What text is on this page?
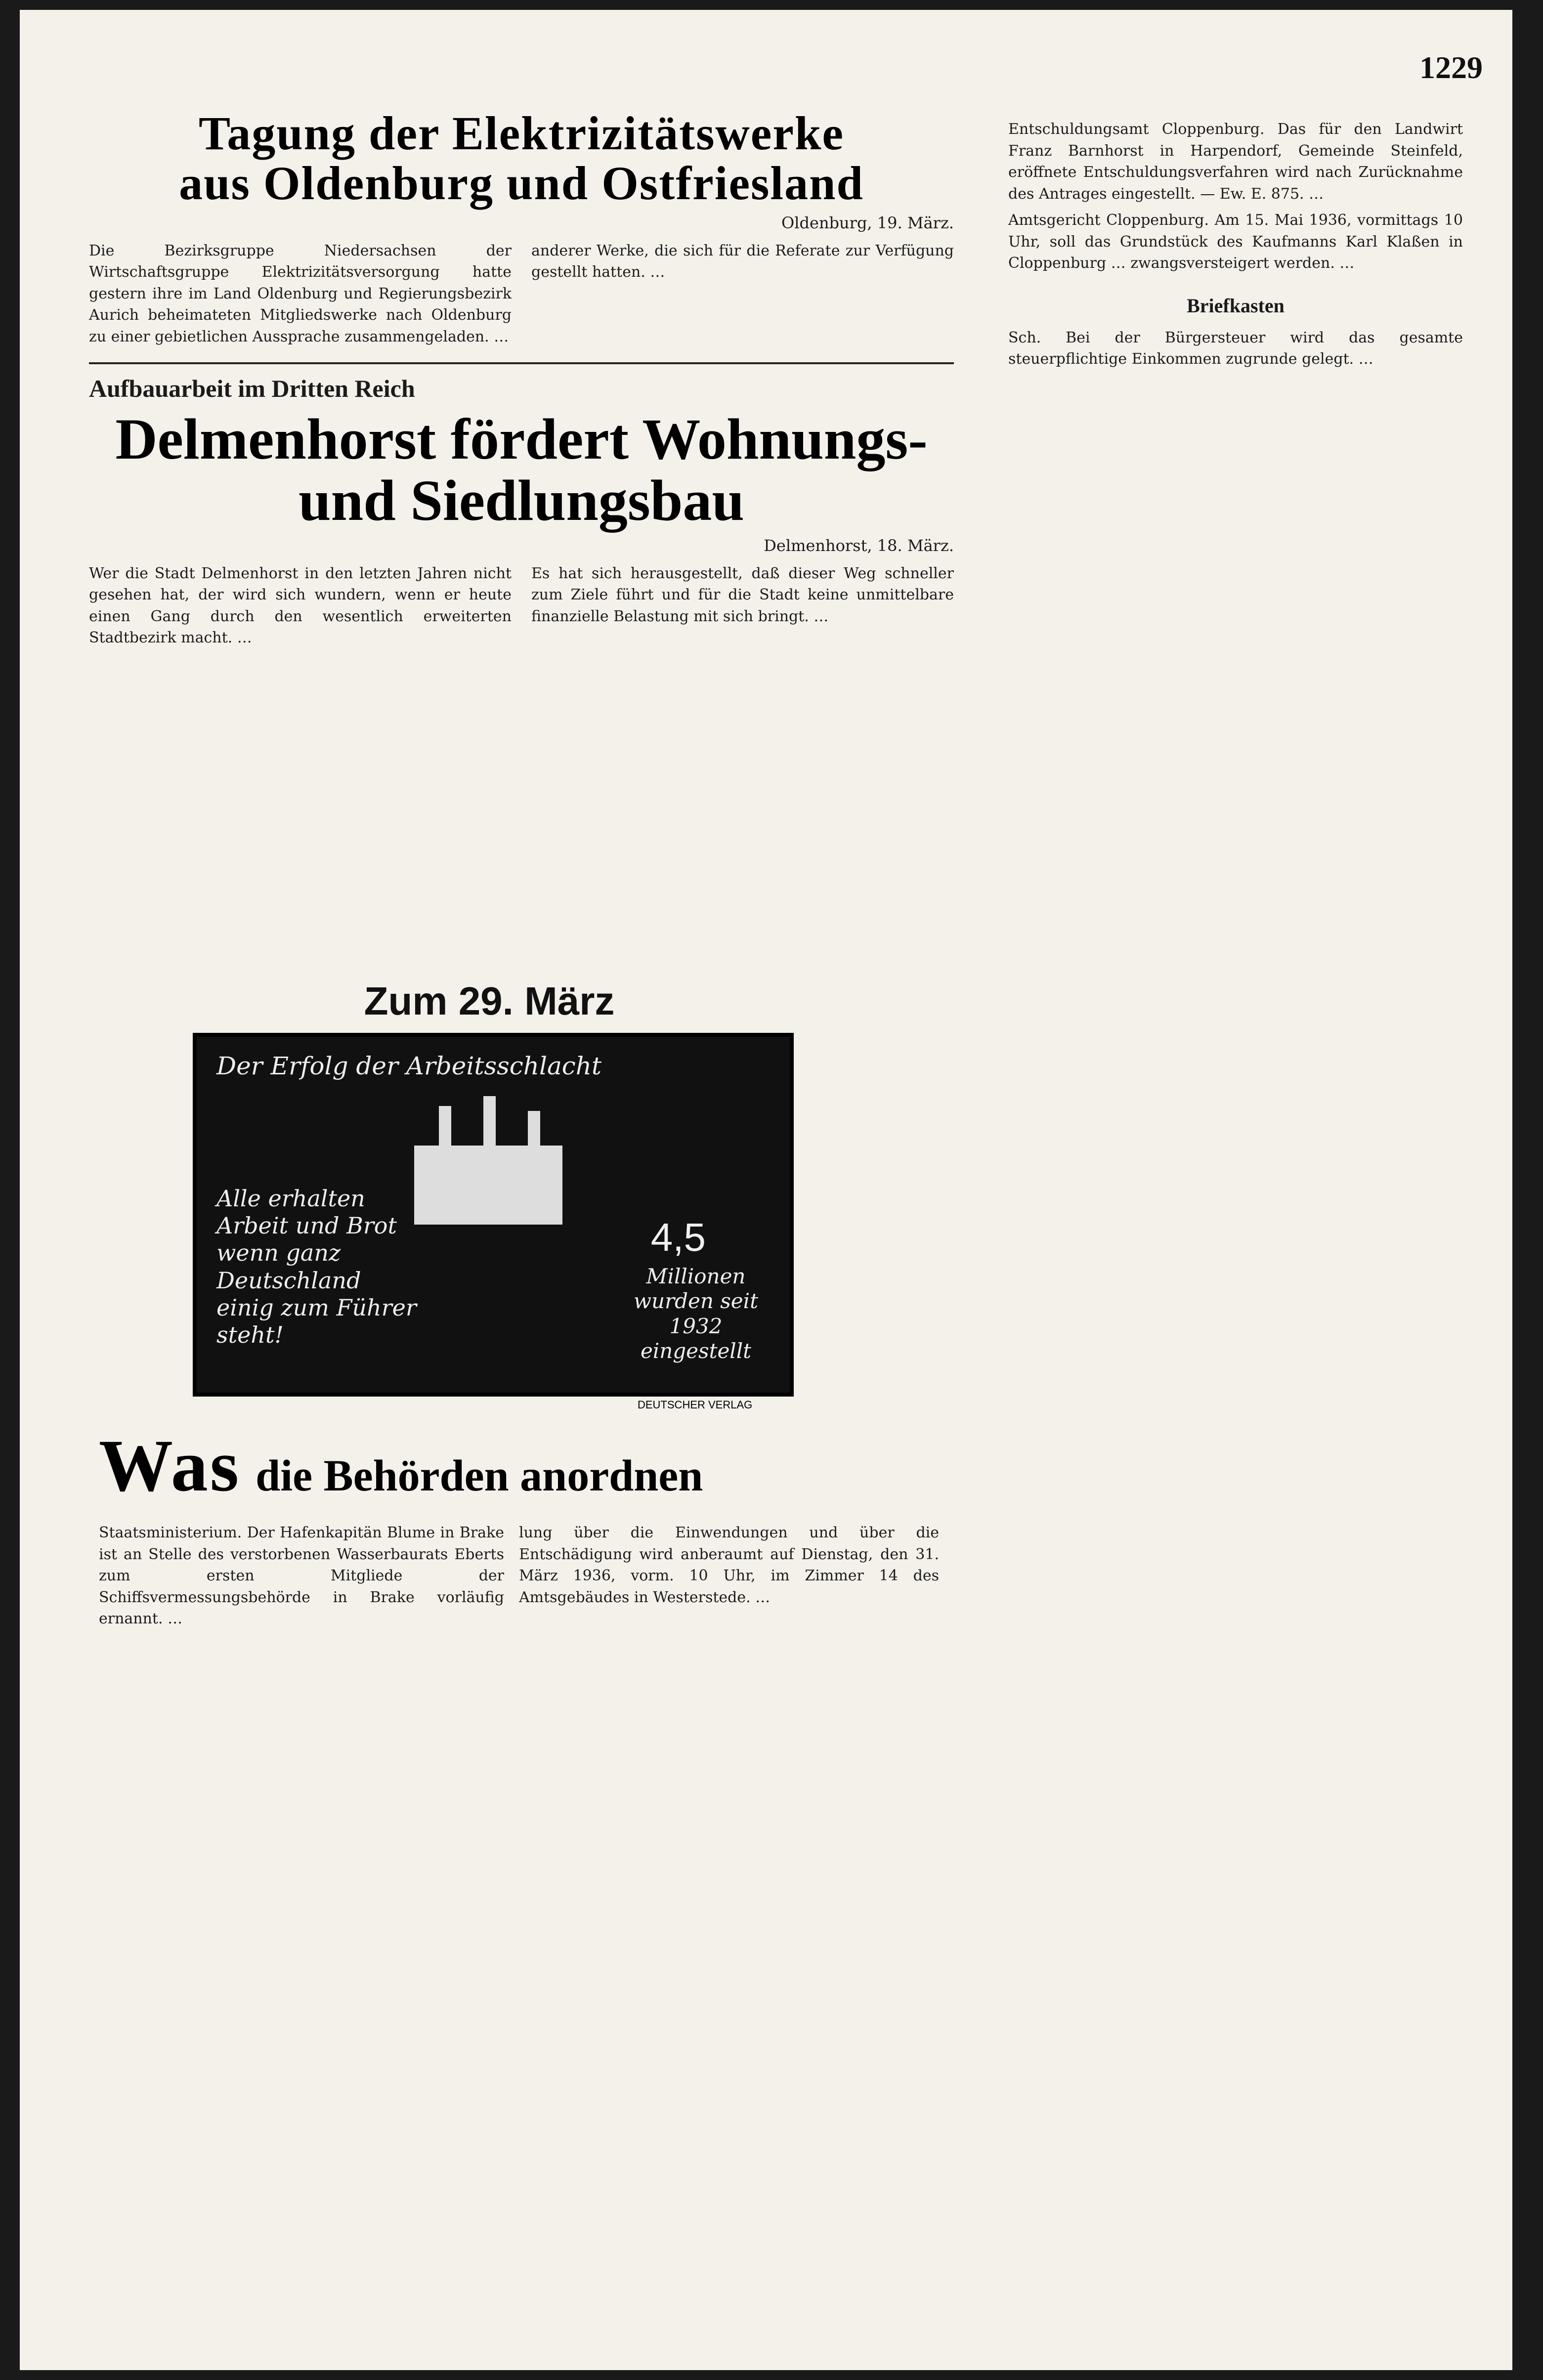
1229

Tagung der Elektrizitätswerke

aus Oldenburg und Ostfriesland

Oldenburg, 19. März.

Die Bezirksgruppe Niedersachsen der Wirtschaftsgruppe Elektrizitätsversorgung hatte gestern ihre im Land Oldenburg und Regierungsbezirk Aurich beheimateten Mitgliedswerke nach Oldenburg zu einer gebietlichen Aussprache zusammengeladen. …

anderer Werke, die sich für die Referate zur Verfügung gestellt hatten. …

Aufbauarbeit im Dritten Reich

Delmenhorst fördert Wohnungs- und Siedlungsbau

Delmenhorst, 18. März.

Wer die Stadt Delmenhorst in den letzten Jahren nicht gesehen hat, der wird sich wundern, wenn er heute einen Gang durch den wesentlich erweiterten Stadtbezirk macht. …

Es hat sich herausgestellt, daß dieser Weg schneller zum Ziele führt und für die Stadt keine unmittelbare finanzielle Belastung mit sich bringt. …

Zum 29. März
Der Erfolg der Arbeitsschlacht
Alle erhalten Arbeit und Brot wenn ganz Deutschland einig zum Führer steht!
4,5
Millionen wurden seit 1932 eingestellt
DEUTSCHER VERLAG
Was die Behörden anordnen

Staatsministerium. Der Hafenkapitän Blume in Brake ist an Stelle des verstorbenen Wasserbaurats Eberts zum ersten Mitgliede der Schiffsvermessungsbehörde in Brake vorläufig ernannt. …

lung über die Einwendungen und über die Entschädigung wird anberaumt auf Dienstag, den 31. März 1936, vorm. 10 Uhr, im Zimmer 14 des Amtsgebäudes in Westerstede. …

Entschuldungsamt Cloppenburg. Das für den Landwirt Franz Barnhorst in Harpendorf, Gemeinde Steinfeld, eröffnete Entschuldungsverfahren wird nach Zurücknahme des Antrages eingestellt. — Ew. E. 875. …

Amtsgericht Cloppenburg. Am 15. Mai 1936, vormittags 10 Uhr, soll das Grundstück des Kaufmanns Karl Klaßen in Cloppenburg … zwangsversteigert werden. …

Briefkasten

Sch. Bei der Bürgersteuer wird das gesamte steuerpflichtige Einkommen zugrunde gelegt. …
